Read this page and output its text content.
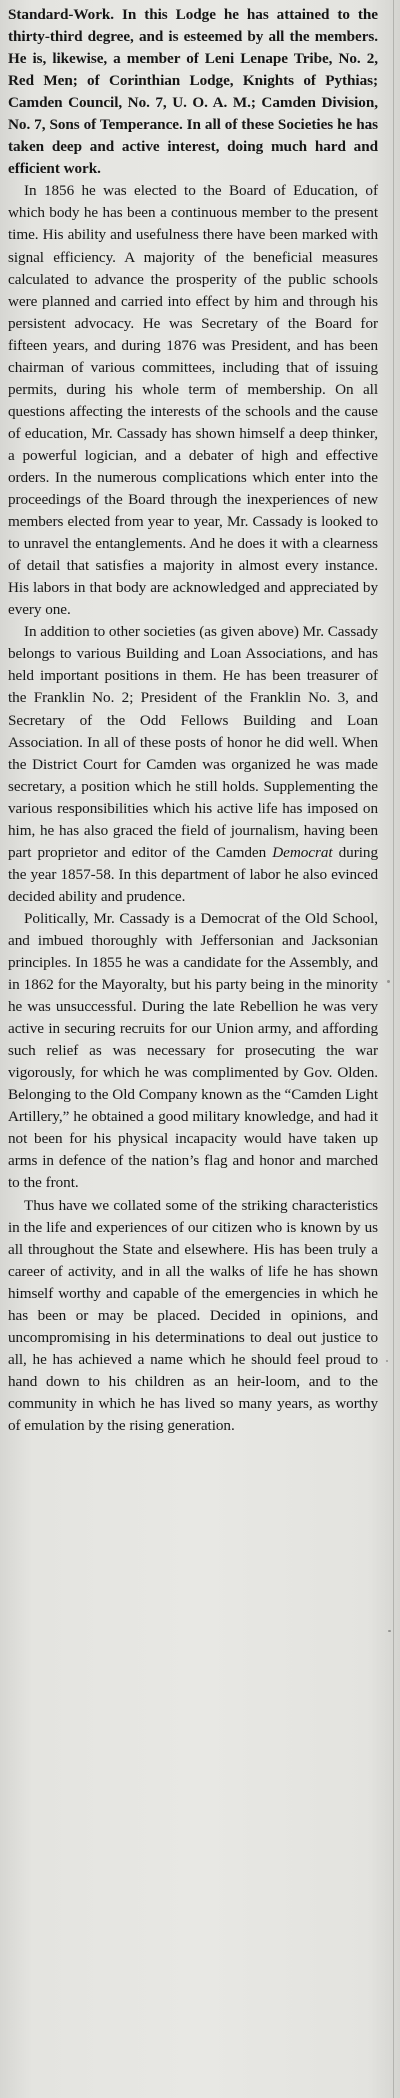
Standard-Work. In this Lodge he has attained to the thirty-third degree, and is esteemed by all the members. He is, likewise, a member of Leni Lenape Tribe, No. 2, Red Men; of Corinthian Lodge, Knights of Pythias; Camden Council, No. 7, U. O. A. M.; Camden Division, No. 7, Sons of Temperance. In all of these Societies he has taken deep and active interest, doing much hard and efficient work.

In 1856 he was elected to the Board of Education, of which body he has been a continuous member to the present time. His ability and usefulness there have been marked with signal efficiency. A majority of the beneficial measures calculated to advance the prosperity of the public schools were planned and carried into effect by him and through his persistent advocacy. He was Secretary of the Board for fifteen years, and during 1876 was President, and has been chairman of various committees, including that of issuing permits, during his whole term of membership. On all questions affecting the interests of the schools and the cause of education, Mr. Cassady has shown himself a deep thinker, a powerful logician, and a debater of high and effective orders. In the numerous complications which enter into the proceedings of the Board through the inexperiences of new members elected from year to year, Mr. Cassady is looked to to unravel the entanglements. And he does it with a clearness of detail that satisfies a majority in almost every instance. His labors in that body are acknowledged and appreciated by every one.

In addition to other societies (as given above) Mr. Cassady belongs to various Building and Loan Associations, and has held important positions in them. He has been treasurer of the Franklin No. 2; President of the Franklin No. 3, and Secretary of the Odd Fellows Building and Loan Association. In all of these posts of honor he did well. When the District Court for Camden was organized he was made secretary, a position which he still holds. Supplementing the various responsibilities which his active life has imposed on him, he has also graced the field of journalism, having been part proprietor and editor of the Camden Democrat during the year 1857-58. In this department of labor he also evinced decided ability and prudence.

Politically, Mr. Cassady is a Democrat of the Old School, and imbued thoroughly with Jeffersonian and Jacksonian principles. In 1855 he was a candidate for the Assembly, and in 1862 for the Mayoralty, but his party being in the minority he was unsuccessful. During the late Rebellion he was very active in securing recruits for our Union army, and affording such relief as was necessary for prosecuting the war vigorously, for which he was complimented by Gov. Olden. Belonging to the Old Company known as the “Camden Light Artillery,” he obtained a good military knowledge, and had it not been for his physical incapacity would have taken up arms in defence of the nation’s flag and honor and marched to the front.

Thus have we collated some of the striking characteristics in the life and experiences of our citizen who is known by us all throughout the State and elsewhere. His has been truly a career of activity, and in all the walks of life he has shown himself worthy and capable of the emergencies in which he has been or may be placed. Decided in opinions, and uncompromising in his determinations to deal out justice to all, he has achieved a name which he should feel proud to hand down to his children as an heir-loom, and to the community in which he has lived so many years, as worthy of emulation by the rising generation.
